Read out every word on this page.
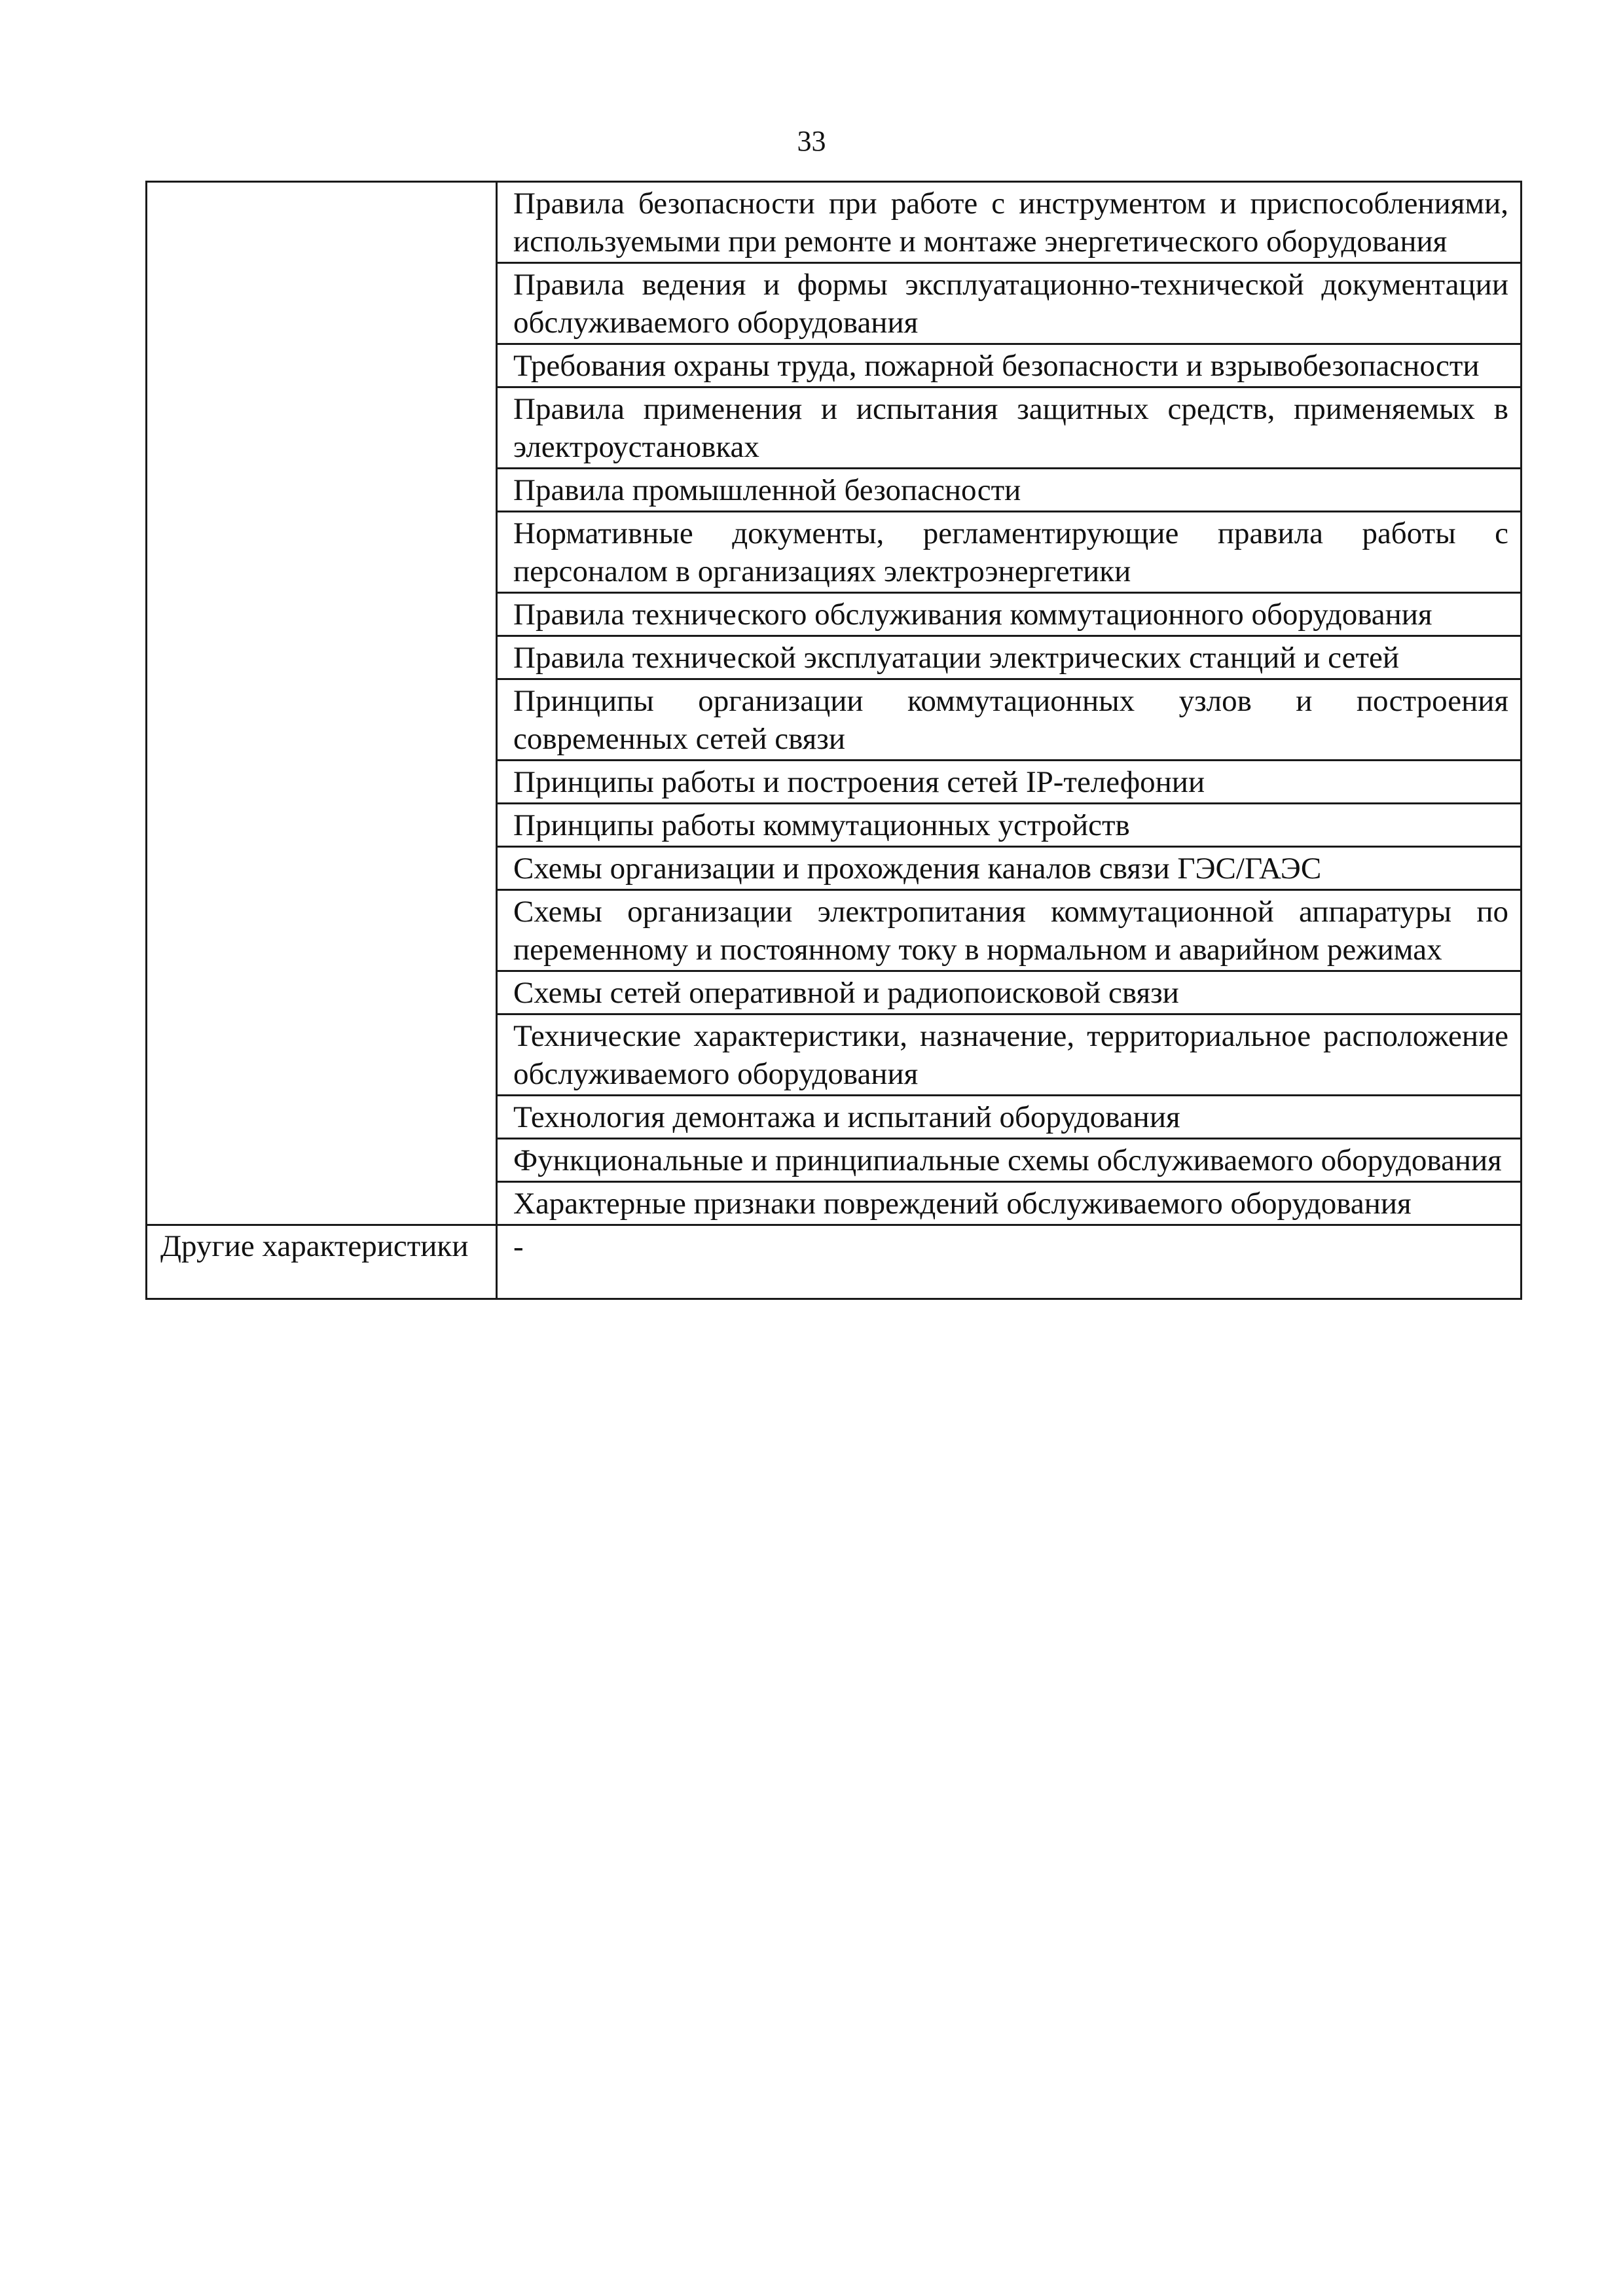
33
	Правила безопасности при работе с инструментом и приспособлениями, используемыми при ремонте и монтаже энергетического оборудования
	Правила ведения и формы эксплуатационно-технической документации обслуживаемого оборудования
	Требования охраны труда, пожарной безопасности и взрывобезопасности
	Правила применения и испытания защитных средств, применяемых в электроустановках
	Правила промышленной безопасности
	Нормативные документы, регламентирующие правила работы с персоналом в организациях электроэнергетики
	Правила технического обслуживания коммутационного оборудования
	Правила технической эксплуатации электрических станций и сетей
	Принципы организации коммутационных узлов и построения современных сетей связи
	Принципы работы и построения сетей IP-телефонии
	Принципы работы коммутационных устройств
	Схемы организации и прохождения каналов связи ГЭС/ГАЭС
	Схемы организации электропитания коммутационной аппаратуры по переменному и постоянному току в нормальном и аварийном режимах
	Схемы сетей оперативной и радиопоисковой связи
	Технические характеристики, назначение, территориальное расположение обслуживаемого оборудования
	Технология демонтажа и испытаний оборудования
	Функциональные и принципиальные схемы обслуживаемого оборудования
	Характерные признаки повреждений обслуживаемого оборудования
Другие характеристики	-
